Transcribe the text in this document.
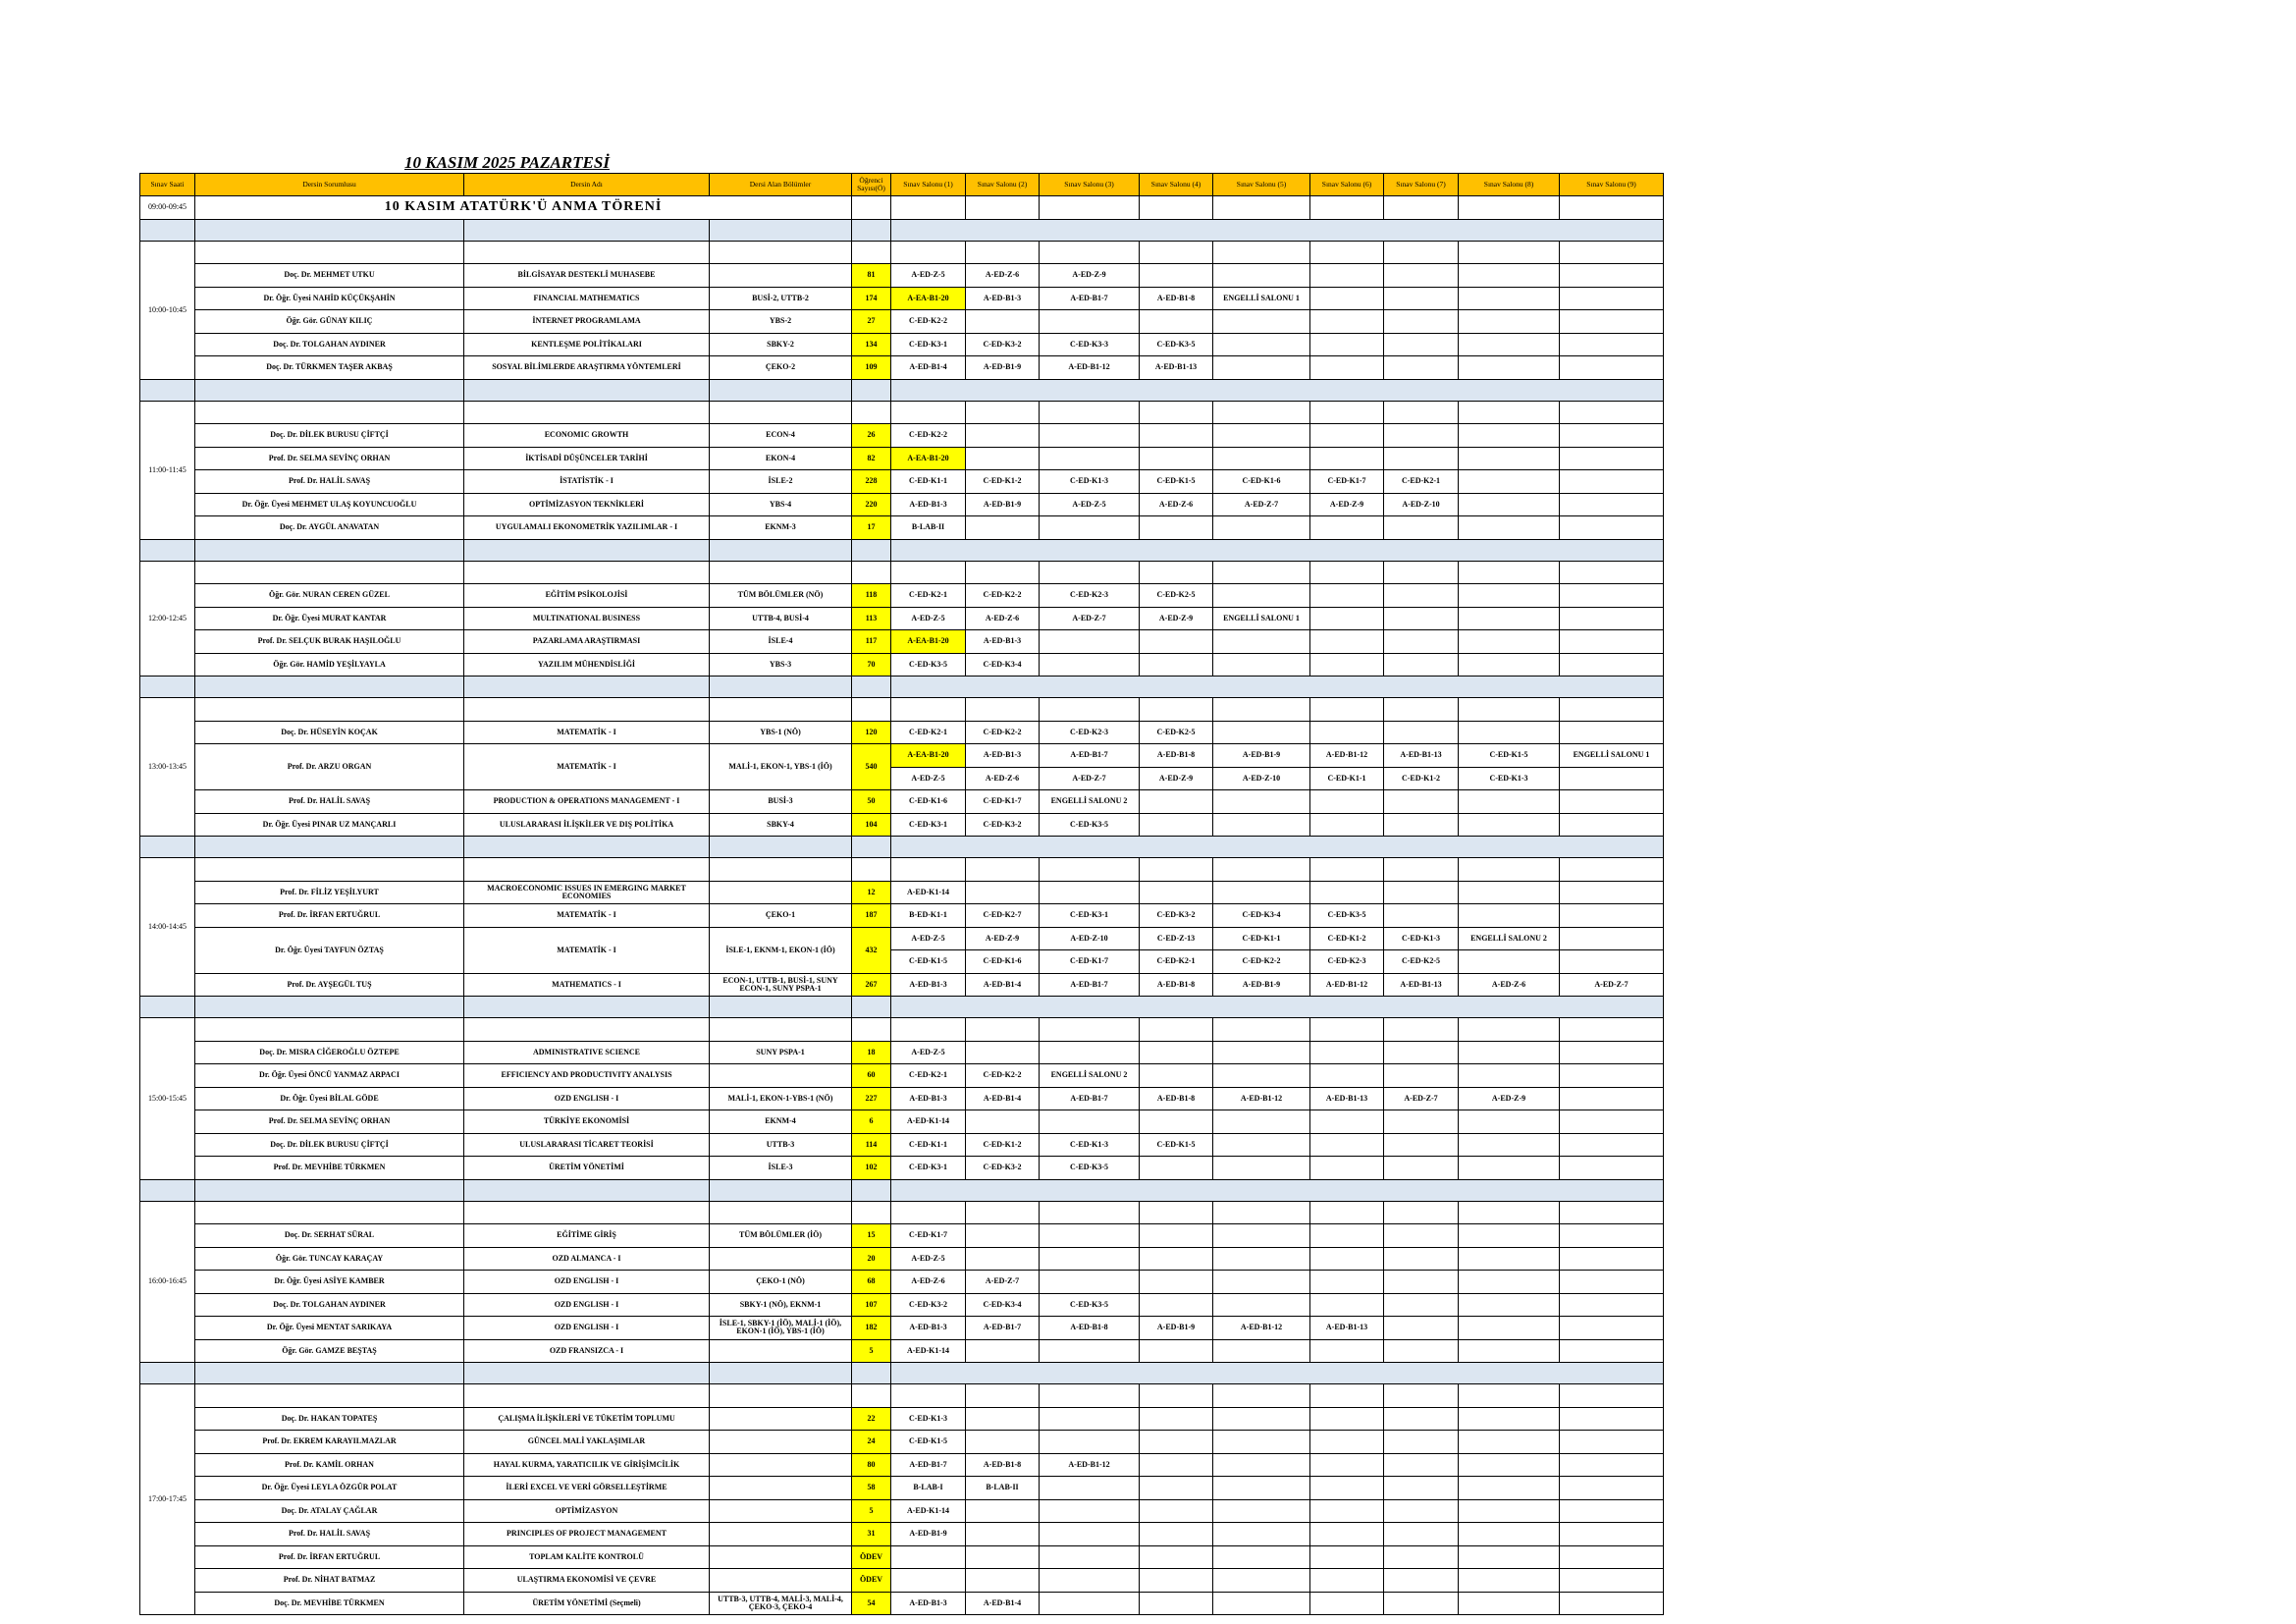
10 KASIM 2025 PAZARTESİ
Sınav Saati	Dersin Sorumlusu	Dersin Adı	Dersi Alan Bölümler	Öğrenci Sayısı(Ö)	Sınav Salonu (1)	Sınav Salonu (2)	Sınav Salonu (3)	Sınav Salonu (4)	Sınav Salonu (5)	Sınav Salonu (6)	Sınav Salonu (7)	Sınav Salonu (8)	Sınav Salonu (9)
09:00-09:45	10 KASIM ATATÜRK'Ü ANMA TÖRENİ												

10:00-10:45													
	Doç. Dr. MEHMET UTKU	BİLGİSAYAR DESTEKLİ MUHASEBE		81	A-ED-Z-5	A-ED-Z-6	A-ED-Z-9						
	Dr. Öğr. Üyesi NAHİD KÜÇÜKŞAHİN	FINANCIAL MATHEMATICS	BUSİ-2, UTTB-2	174	A-EA-B1-20	A-ED-B1-3	A-ED-B1-7	A-ED-B1-8	ENGELLİ SALONU 1				
	Öğr. Gör. GÜNAY KILIÇ	İNTERNET PROGRAMLAMA	YBS-2	27	C-ED-K2-2								
	Doç. Dr. TOLGAHAN AYDINER	KENTLEŞME POLİTİKALARI	SBKY-2	134	C-ED-K3-1	C-ED-K3-2	C-ED-K3-3	C-ED-K3-5					
	Doç. Dr. TÜRKMEN TAŞER AKBAŞ	SOSYAL BİLİMLERDE ARAŞTIRMA YÖNTEMLERİ	ÇEKO-2	109	A-ED-B1-4	A-ED-B1-9	A-ED-B1-12	A-ED-B1-13					

11:00-11:45													
	Doç. Dr. DİLEK BURUSU ÇİFTÇİ	ECONOMIC GROWTH	ECON-4	26	C-ED-K2-2								
	Prof. Dr. SELMA SEVİNÇ ORHAN	İKTİSADİ DÜŞÜNCELER TARİHİ	EKON-4	82	A-EA-B1-20								
	Prof. Dr. HALİL SAVAŞ	İSTATİSTİK - I	İSLE-2	228	C-ED-K1-1	C-ED-K1-2	C-ED-K1-3	C-ED-K1-5	C-ED-K1-6	C-ED-K1-7	C-ED-K2-1		
	Dr. Öğr. Üyesi MEHMET ULAŞ KOYUNCUOĞLU	OPTİMİZASYON TEKNİKLERİ	YBS-4	220	A-ED-B1-3	A-ED-B1-9	A-ED-Z-5	A-ED-Z-6	A-ED-Z-7	A-ED-Z-9	A-ED-Z-10		
	Doç. Dr. AYGÜL ANAVATAN	UYGULAMALI EKONOMETRİK YAZILIMLAR - I	EKNM-3	17	B-LAB-II								

12:00-12:45													
	Öğr. Gör. NURAN CEREN GÜZEL	EĞİTİM PSİKOLOJİSİ	TÜM BÖLÜMLER (NÖ)	118	C-ED-K2-1	C-ED-K2-2	C-ED-K2-3	C-ED-K2-5					
	Dr. Öğr. Üyesi MURAT KANTAR	MULTINATIONAL BUSINESS	UTTB-4, BUSİ-4	113	A-ED-Z-5	A-ED-Z-6	A-ED-Z-7	A-ED-Z-9	ENGELLİ SALONU 1				
	Prof. Dr. SELÇUK BURAK HAŞILOĞLU	PAZARLAMA ARAŞTIRMASI	İSLE-4	117	A-EA-B1-20	A-ED-B1-3							
	Öğr. Gör. HAMİD YEŞİLYAYLA	YAZILIM MÜHENDİSLİĞİ	YBS-3	70	C-ED-K3-5	C-ED-K3-4							

13:00-13:45													
	Doç. Dr. HÜSEYİN KOÇAK	MATEMATİK - I	YBS-1 (NÖ)	120	C-ED-K2-1	C-ED-K2-2	C-ED-K2-3	C-ED-K2-5					
	Prof. Dr. ARZU ORGAN	MATEMATİK - I	MALİ-1, EKON-1, YBS-1 (İÖ)	540	A-EA-B1-20	A-ED-B1-3	A-ED-B1-7	A-ED-B1-8	A-ED-B1-9	A-ED-B1-12	A-ED-B1-13	C-ED-K1-5	ENGELLİ SALONU 1
					A-ED-Z-5	A-ED-Z-6	A-ED-Z-7	A-ED-Z-9	A-ED-Z-10	C-ED-K1-1	C-ED-K1-2	C-ED-K1-3	
	Prof. Dr. HALİL SAVAŞ	PRODUCTION & OPERATIONS MANAGEMENT - I	BUSİ-3	50	C-ED-K1-6	C-ED-K1-7	ENGELLİ SALONU 2						
	Dr. Öğr. Üyesi PINAR UZ MANÇARLI	ULUSLARARASI İLİŞKİLER VE DIŞ POLİTİKA	SBKY-4	104	C-ED-K3-1	C-ED-K3-2	C-ED-K3-5						

14:00-14:45													
	Prof. Dr. FİLİZ YEŞİLYURT	MACROECONOMIC ISSUES IN EMERGING MARKET ECONOMIES		12	A-ED-K1-14								
	Prof. Dr. İRFAN ERTUĞRUL	MATEMATİK - I	ÇEKO-1	187	B-ED-K1-1	C-ED-K2-7	C-ED-K3-1	C-ED-K3-2	C-ED-K3-4	C-ED-K3-5			
	Dr. Öğr. Üyesi TAYFUN ÖZTAŞ	MATEMATİK - I	İSLE-1, EKNM-1, EKON-1 (İÖ)	432	A-ED-Z-5	A-ED-Z-9	A-ED-Z-10	C-ED-Z-13	C-ED-K1-1	C-ED-K1-2	C-ED-K1-3	ENGELLİ SALONU 2	
					C-ED-K1-5	C-ED-K1-6	C-ED-K1-7	C-ED-K2-1	C-ED-K2-2	C-ED-K2-3	C-ED-K2-5		
	Prof. Dr. AYŞEGÜL TUŞ	MATHEMATICS - I	ECON-1, UTTB-1, BUSİ-1, SUNY ECON-1, SUNY PSPA-1	267	A-ED-B1-3	A-ED-B1-4	A-ED-B1-7	A-ED-B1-8	A-ED-B1-9	A-ED-B1-12	A-ED-B1-13	A-ED-Z-6	A-ED-Z-7

15:00-15:45													
	Doç. Dr. MISRA CİĞEROĞLU ÖZTEPE	ADMINISTRATIVE SCIENCE	SUNY PSPA-1	18	A-ED-Z-5								
	Dr. Öğr. Üyesi ÖNCÜ YANMAZ ARPACI	EFFICIENCY AND PRODUCTIVITY ANALYSIS		60	C-ED-K2-1	C-ED-K2-2	ENGELLİ SALONU 2						
	Dr. Öğr. Üyesi BİLAL GÖDE	OZD ENGLISH - I	MALİ-1, EKON-1-YBS-1 (NÖ)	227	A-ED-B1-3	A-ED-B1-4	A-ED-B1-7	A-ED-B1-8	A-ED-B1-12	A-ED-B1-13	A-ED-Z-7	A-ED-Z-9	
	Prof. Dr. SELMA SEVİNÇ ORHAN	TÜRKİYE EKONOMİSİ	EKNM-4	6	A-ED-K1-14								
	Doç. Dr. DİLEK BURUSU ÇİFTÇİ	ULUSLARARASI TİCARET TEORİSİ	UTTB-3	114	C-ED-K1-1	C-ED-K1-2	C-ED-K1-3	C-ED-K1-5					
	Prof. Dr. MEVHİBE TÜRKMEN	ÜRETİM YÖNETİMİ	İSLE-3	102	C-ED-K3-1	C-ED-K3-2	C-ED-K3-5						

16:00-16:45													
	Doç. Dr. SERHAT SÜRAL	EĞİTİME GİRİŞ	TÜM BÖLÜMLER (İÖ)	15	C-ED-K1-7								
	Öğr. Gör. TUNCAY KARAÇAY	OZD ALMANCA - I		20	A-ED-Z-5								
	Dr. Öğr. Üyesi ASİYE KAMBER	OZD ENGLISH - I	ÇEKO-1 (NÖ)	68	A-ED-Z-6	A-ED-Z-7							
	Doç. Dr. TOLGAHAN AYDINER	OZD ENGLISH - I	SBKY-1 (NÖ), EKNM-1	107	C-ED-K3-2	C-ED-K3-4	C-ED-K3-5						
	Dr. Öğr. Üyesi MENTAT SARIKAYA	OZD ENGLISH - I	İSLE-1, SBKY-1 (İÖ), MALİ-1 (İÖ), EKON-1 (İÖ), YBS-1 (İÖ)	182	A-ED-B1-3	A-ED-B1-7	A-ED-B1-8	A-ED-B1-9	A-ED-B1-12	A-ED-B1-13			
	Öğr. Gör. GAMZE BEŞTAŞ	OZD FRANSIZCA - I		5	A-ED-K1-14								

17:00-17:45													
	Doç. Dr. HAKAN TOPATEŞ	ÇALIŞMA İLİŞKİLERİ VE TÜKETİM TOPLUMU		22	C-ED-K1-3								
	Prof. Dr. EKREM KARAYILMAZLAR	GÜNCEL MALİ YAKLAŞIMLAR		24	C-ED-K1-5								
	Prof. Dr. KAMİL ORHAN	HAYAL KURMA, YARATICILIK VE GİRİŞİMCİLİK		80	A-ED-B1-7	A-ED-B1-8	A-ED-B1-12						
	Dr. Öğr. Üyesi LEYLA ÖZGÜR POLAT	İLERİ EXCEL VE VERİ GÖRSELLEŞTİRME		58	B-LAB-I	B-LAB-II							
	Doç. Dr. ATALAY ÇAĞLAR	OPTİMİZASYON		5	A-ED-K1-14								
	Prof. Dr. HALİL SAVAŞ	PRINCIPLES OF PROJECT MANAGEMENT		31	A-ED-B1-9								
	Prof. Dr. İRFAN ERTUĞRUL	TOPLAM KALİTE KONTROLÜ		ÖDEV									
	Prof. Dr. NİHAT BATMAZ	ULAŞTIRMA EKONOMİSİ VE ÇEVRE		ÖDEV									
	Doç. Dr. MEVHİBE TÜRKMEN	ÜRETİM YÖNETİMİ (Seçmeli)	UTTB-3, UTTB-4, MALİ-3, MALİ-4, ÇEKO-3, ÇEKO-4	54	A-ED-B1-3	A-ED-B1-4							
